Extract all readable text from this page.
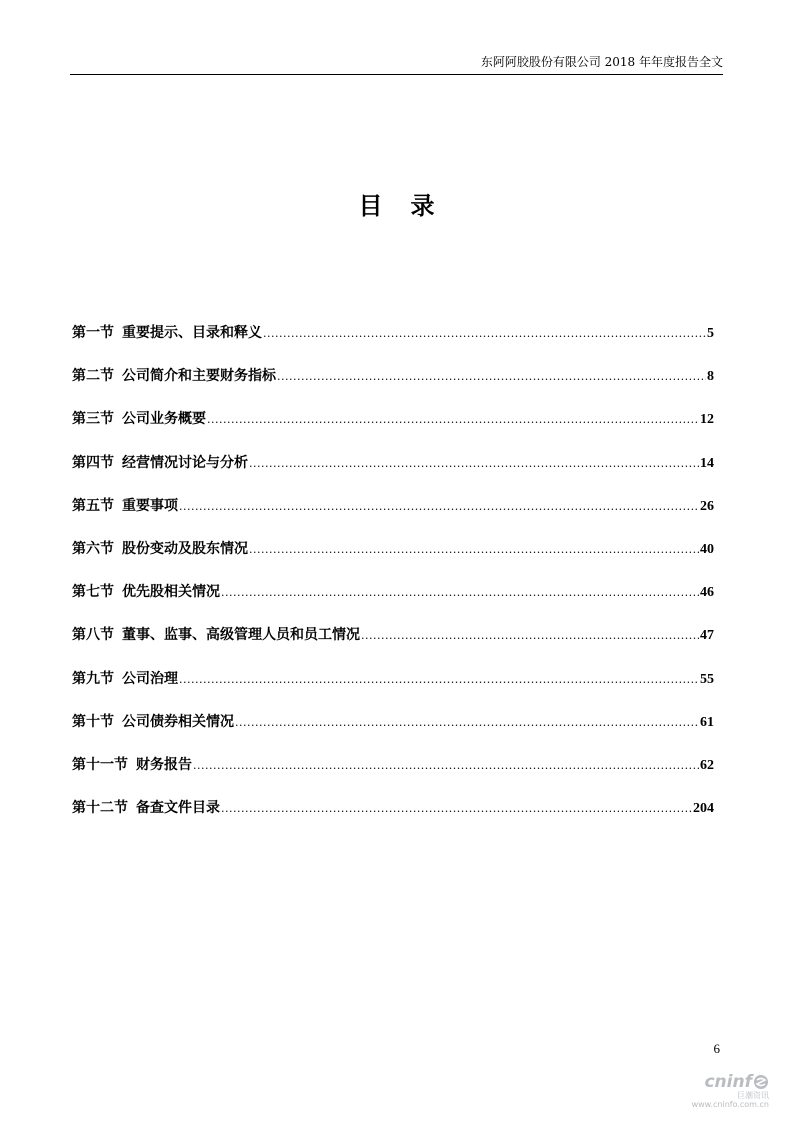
东阿阿胶股份有限公司 2018 年年度报告全文
目录
第一节 重要提示、目录和释义 .....	5
第二节 公司简介和主要财务指标 .....	8
第三节 公司业务概要 .....	12
第四节 经营情况讨论与分析 .....	14
第五节 重要事项 .....	26
第六节 股份变动及股东情况 .....	40
第七节 优先股相关情况 .....	46
第八节 董事、监事、高级管理人员和员工情况 .....	47
第九节 公司治理 .....	55
第十节 公司债券相关情况 .....	61
第十一节 财务报告 .....	62
第十二节 备查文件目录 .....	204
6
cninf
巨潮资讯
www.cninfo.com.cn
